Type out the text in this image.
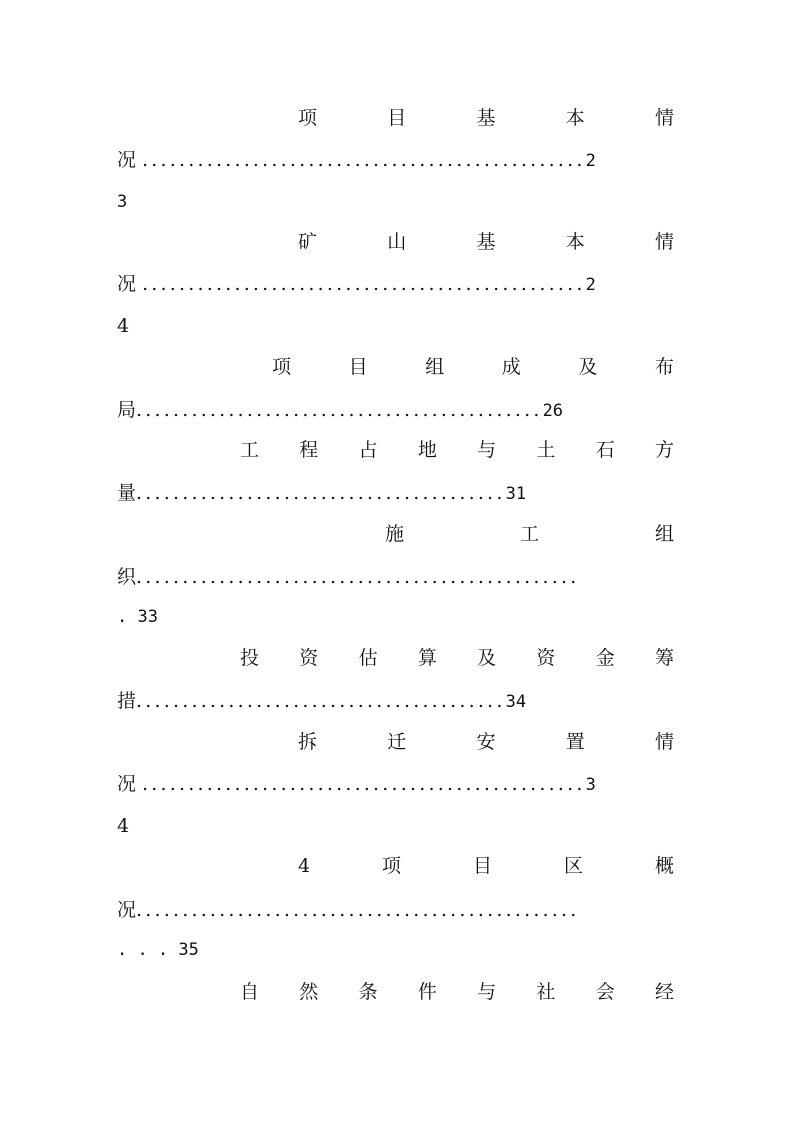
项	目	基	本	情
况 ................................................2
3
矿	山	基	本	情
况 ................................................2
4
项	目	组	成	及	布
局............................................26
工 程 占 地 与 土 石 方
量........................................31
施	工	组
织................................................
. 33
投 资 估 算 及 资 金 筹
措........................................34
拆	迁	安	置	情
况 ................................................3
4
4	项	目	区	概
况................................................
. . . 35
自 然 条 件 与 社 会 经
